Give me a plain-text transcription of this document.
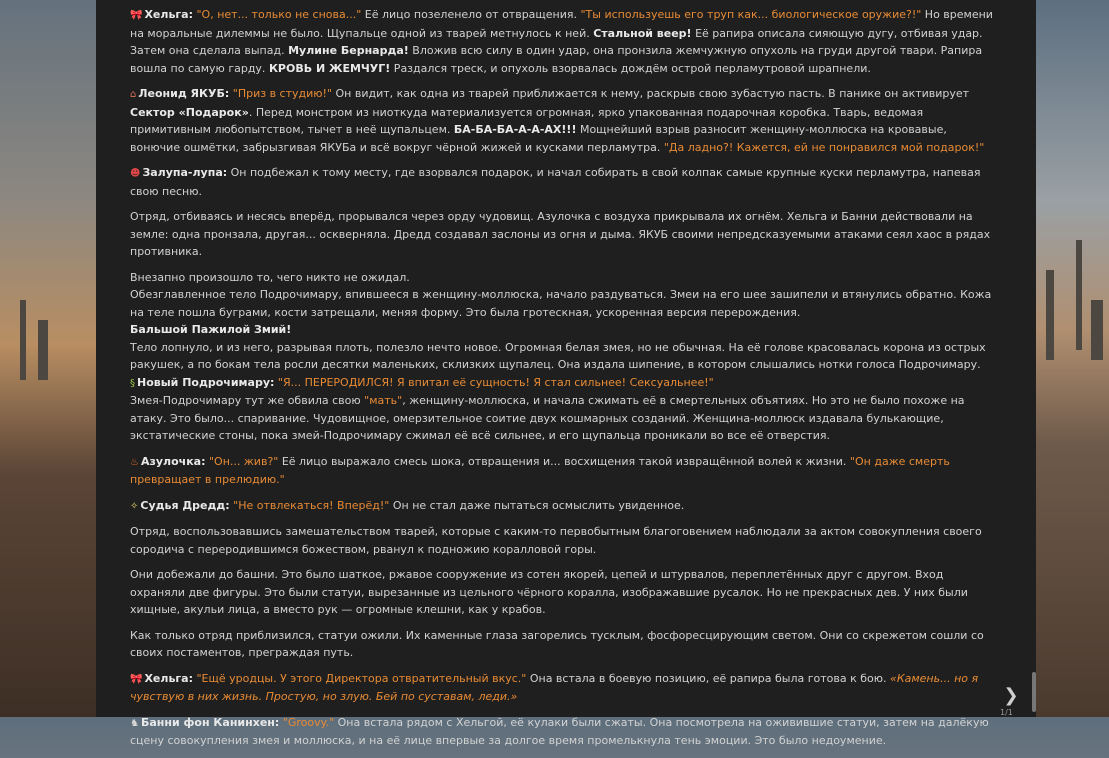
🎀 Хельга: "О, нет... только не снова..." Её лицо позеленело от отвращения. "Ты используешь его труп как... биологическое оружие?!" Но времени на моральные дилеммы не было. Щупальце одной из тварей метнулось к ней. Стальной веер! Её рапира описала сияющую дугу, отбивая удар. Затем она сделала выпад. Мулине Бернарда! Вложив всю силу в один удар, она пронзила жемчужную опухоль на груди другой твари. Рапира вошла по самую гарду. КРОВЬ И ЖЕМЧУГ! Раздался треск, и опухоль взорвалась дождём острой перламутровой шрапнели.

⌂ Леонид ЯКУБ: "Приз в студию!" Он видит, как одна из тварей приближается к нему, раскрыв свою зубастую пасть. В панике он активирует Сектор «Подарок». Перед монстром из ниоткуда материализуется огромная, ярко упакованная подарочная коробка. Тварь, ведомая примитивным любопытством, тычет в неё щупальцем. БА-БА-БА-А-А-АХ!!! Мощнейший взрыв разносит женщину-моллюска на кровавые, вонючие ошмётки, забрызгивая ЯКУБа и всё вокруг чёрной жижей и кусками перламутра. "Да ладно?! Кажется, ей не понравился мой подарок!"

☻ Залупа-лупа: Он подбежал к тому месту, где взорвался подарок, и начал собирать в свой колпак самые крупные куски перламутра, напевая свою песню.

Отряд, отбиваясь и несясь вперёд, прорывался через орду чудовищ. Азулочка с воздуха прикрывала их огнём. Хельга и Банни действовали на земле: одна пронзала, другая... оскверняла. Дредд создавал заслоны из огня и дыма. ЯКУБ своими непредсказуемыми атаками сеял хаос в рядах противника.

Внезапно произошло то, чего никто не ожидал.

Обезглавленное тело Подрочимару, впившееся в женщину-моллюска, начало раздуваться. Змеи на его шее зашипели и втянулись обратно. Кожа на теле пошла буграми, кости затрещали, меняя форму. Это была гротескная, ускоренная версия перерождения.

Бальшой Пажилой Змий!

Тело лопнуло, и из него, разрывая плоть, полезло нечто новое. Огромная белая змея, но не обычная. На её голове красовалась корона из острых ракушек, а по бокам тела росли десятки маленьких, склизких щупалец. Она издала шипение, в котором слышались нотки голоса Подрочимару.

§ Новый Подрочимару: "Я... ПЕРЕРОДИЛСЯ! Я впитал её сущность! Я стал сильнее! Сексуальнее!"

Змея-Подрочимару тут же обвила свою "мать", женщину-моллюска, и начала сжимать её в смертельных объятиях. Но это не было похоже на атаку. Это было... спаривание. Чудовищное, омерзительное соитие двух кошмарных созданий. Женщина-моллюск издавала булькающие, экстатические стоны, пока змей-Подрочимару сжимал её всё сильнее, и его щупальца проникали во все её отверстия.

♨ Азулочка: "Он... жив?" Её лицо выражало смесь шока, отвращения и... восхищения такой извращённой волей к жизни. "Он даже смерть превращает в прелюдию."

✧ Судья Дредд: "Не отвлекаться! Вперёд!" Он не стал даже пытаться осмыслить увиденное.

Отряд, воспользовавшись замешательством тварей, которые с каким-то первобытным благоговением наблюдали за актом совокупления своего сородича с переродившимся божеством, рванул к подножию коралловой горы.

Они добежали до башни. Это было шаткое, ржавое сооружение из сотен якорей, цепей и штурвалов, переплетённых друг с другом. Вход охраняли две фигуры. Это были статуи, вырезанные из цельного чёрного коралла, изображавшие русалок. Но не прекрасных дев. У них были хищные, акульи лица, а вместо рук — огромные клешни, как у крабов.

Как только отряд приблизился, статуи ожили. Их каменные глаза загорелись тусклым, фосфоресцирующим светом. Они со скрежетом сошли со своих постаментов, преграждая путь.

🎀 Хельга: "Ещё уродцы. У этого Директора отвратительный вкус." Она встала в боевую позицию, её рапира была готова к бою. «Камень... но я чувствую в них жизнь. Простую, но злую. Бей по суставам, леди.»

♞ Банни фон Канинхен: "Groovy." Она встала рядом с Хельгой, её кулаки были сжаты. Она посмотрела на оживившие статуи, затем на далёкую сцену совокупления змея и моллюска, и на её лице впервые за долгое время промелькнула тень эмоции. Это было недоумение.

❯
1/1
